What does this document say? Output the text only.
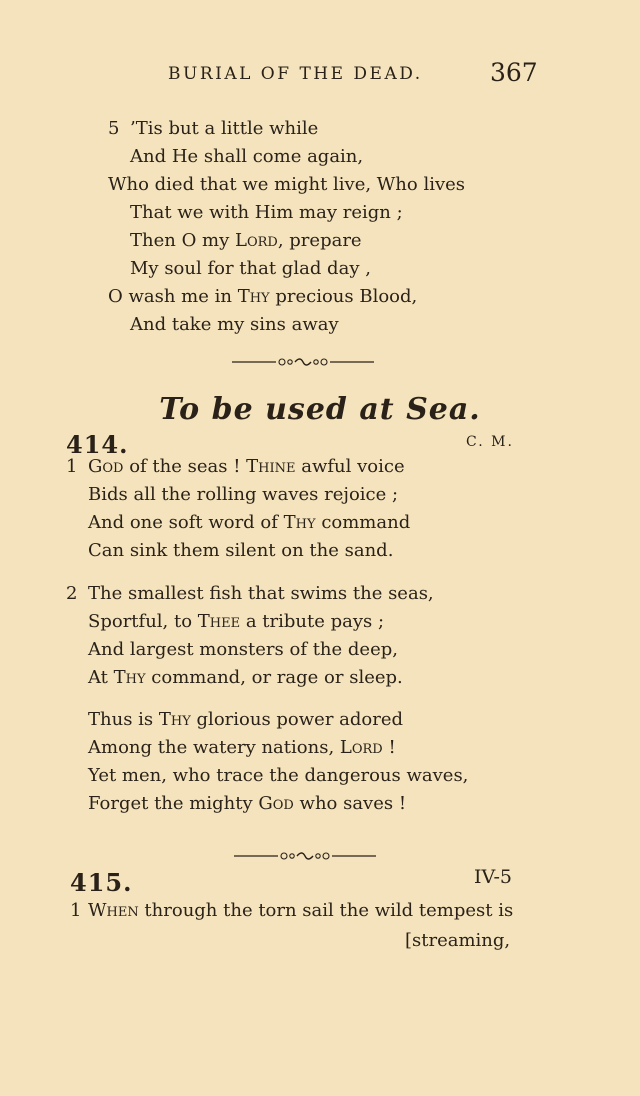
BURIAL OF THE DEAD.	367
5 ’Tis but a little while
And He shall come again,
Who died that we might live, Who lives
That we with Him may reign ;
Then O my Lord, prepare
My soul for that glad day ,
O wash me in Thy precious Blood,
And take my sins away
To be used at Sea.
414.	C. M.
1 God of the seas ! Thine awful voice
Bids all the rolling waves rejoice ;
And one soft word of Thy command
Can sink them silent on the sand.
2 The smallest fish that swims the seas,
Sportful, to Thee a tribute pays ;
And largest monsters of the deep,
At Thy command, or rage or sleep.
Thus is Thy glorious power adored
Among the watery nations, Lord !
Yet men, who trace the dangerous waves,
Forget the mighty God who saves !
415.	IV-5
1 When through the torn sail the wild tempest is
[streaming,
